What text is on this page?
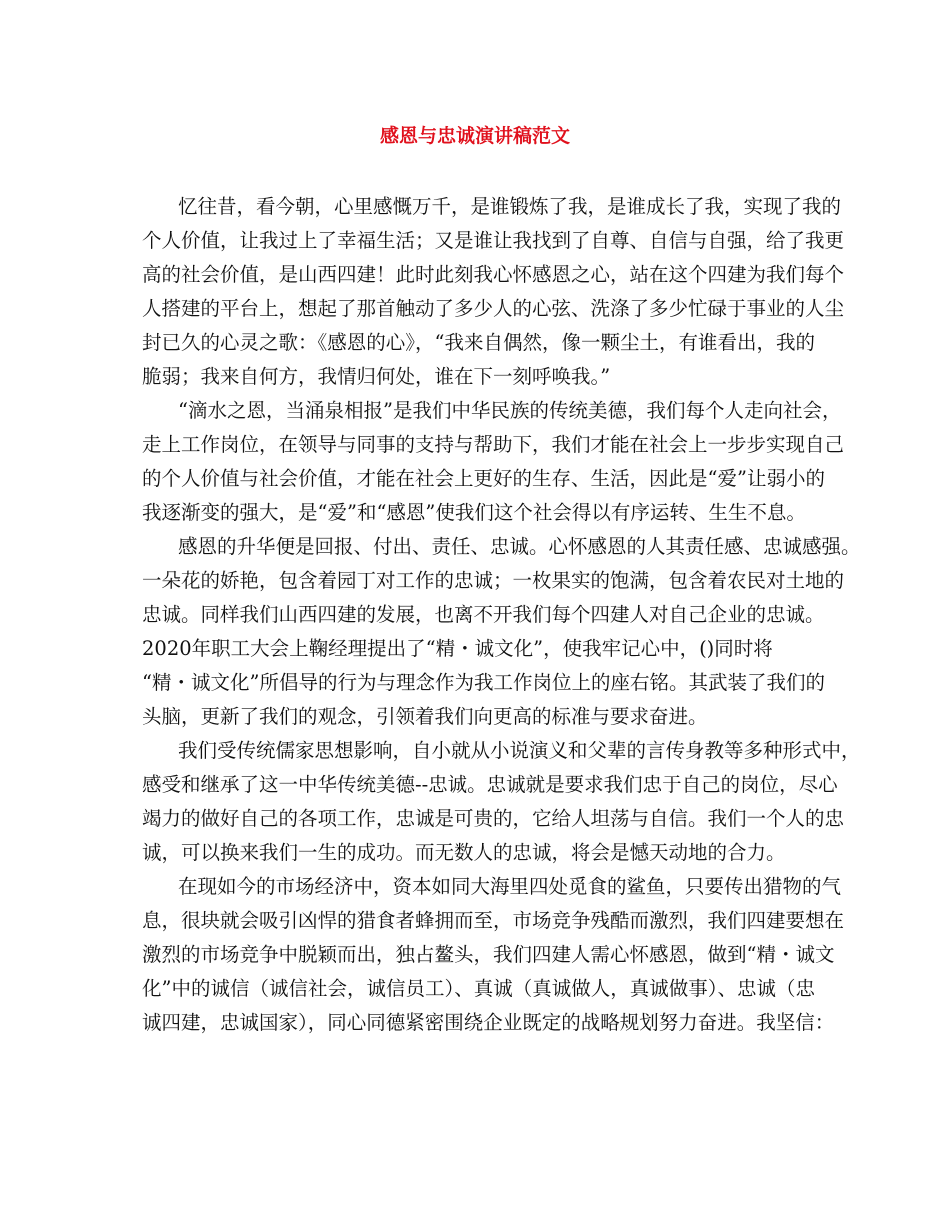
感恩与忠诚演讲稿范文
忆往昔，看今朝，心里感慨万千，是谁锻炼了我，是谁成长了我，实现了我的
个人价值，让我过上了幸福生活；又是谁让我找到了自尊、自信与自强，给了我更
高的社会价值，是山西四建！此时此刻我心怀感恩之心，站在这个四建为我们每个
人搭建的平台上，想起了那首触动了多少人的心弦、洗涤了多少忙碌于事业的人尘
封已久的心灵之歌：《感恩的心》，“我来自偶然，像一颗尘土，有谁看出，我的
脆弱；我来自何方，我情归何处，谁在下一刻呼唤我。”
“滴水之恩，当涌泉相报”是我们中华民族的传统美德，我们每个人走向社会，
走上工作岗位，在领导与同事的支持与帮助下，我们才能在社会上一步步实现自己
的个人价值与社会价值，才能在社会上更好的生存、生活，因此是“爱”让弱小的
我逐渐变的强大，是“爱”和“感恩”使我们这个社会得以有序运转、生生不息。
感恩的升华便是回报、付出、责任、忠诚。心怀感恩的人其责任感、忠诚感强。
一朵花的娇艳，包含着园丁对工作的忠诚；一枚果实的饱满，包含着农民对土地的
忠诚。同样我们山西四建的发展，也离不开我们每个四建人对自己企业的忠诚。
2020年职工大会上鞠经理提出了“精・诚文化”，使我牢记心中，()同时将
“精・诚文化”所倡导的行为与理念作为我工作岗位上的座右铭。其武装了我们的
头脑，更新了我们的观念，引领着我们向更高的标准与要求奋进。
我们受传统儒家思想影响，自小就从小说演义和父辈的言传身教等多种形式中，
感受和继承了这一中华传统美德--忠诚。忠诚就是要求我们忠于自己的岗位，尽心
竭力的做好自己的各项工作，忠诚是可贵的，它给人坦荡与自信。我们一个人的忠
诚，可以换来我们一生的成功。而无数人的忠诚，将会是憾天动地的合力。
在现如今的市场经济中，资本如同大海里四处觅食的鲨鱼，只要传出猎物的气
息，很块就会吸引凶悍的猎食者蜂拥而至，市场竞争残酷而激烈，我们四建要想在
激烈的市场竞争中脱颖而出，独占鳌头，我们四建人需心怀感恩，做到“精・诚文
化”中的诚信（诚信社会，诚信员工）、真诚（真诚做人，真诚做事）、忠诚（忠
诚四建，忠诚国家），同心同德紧密围绕企业既定的战略规划努力奋进。我坚信：
